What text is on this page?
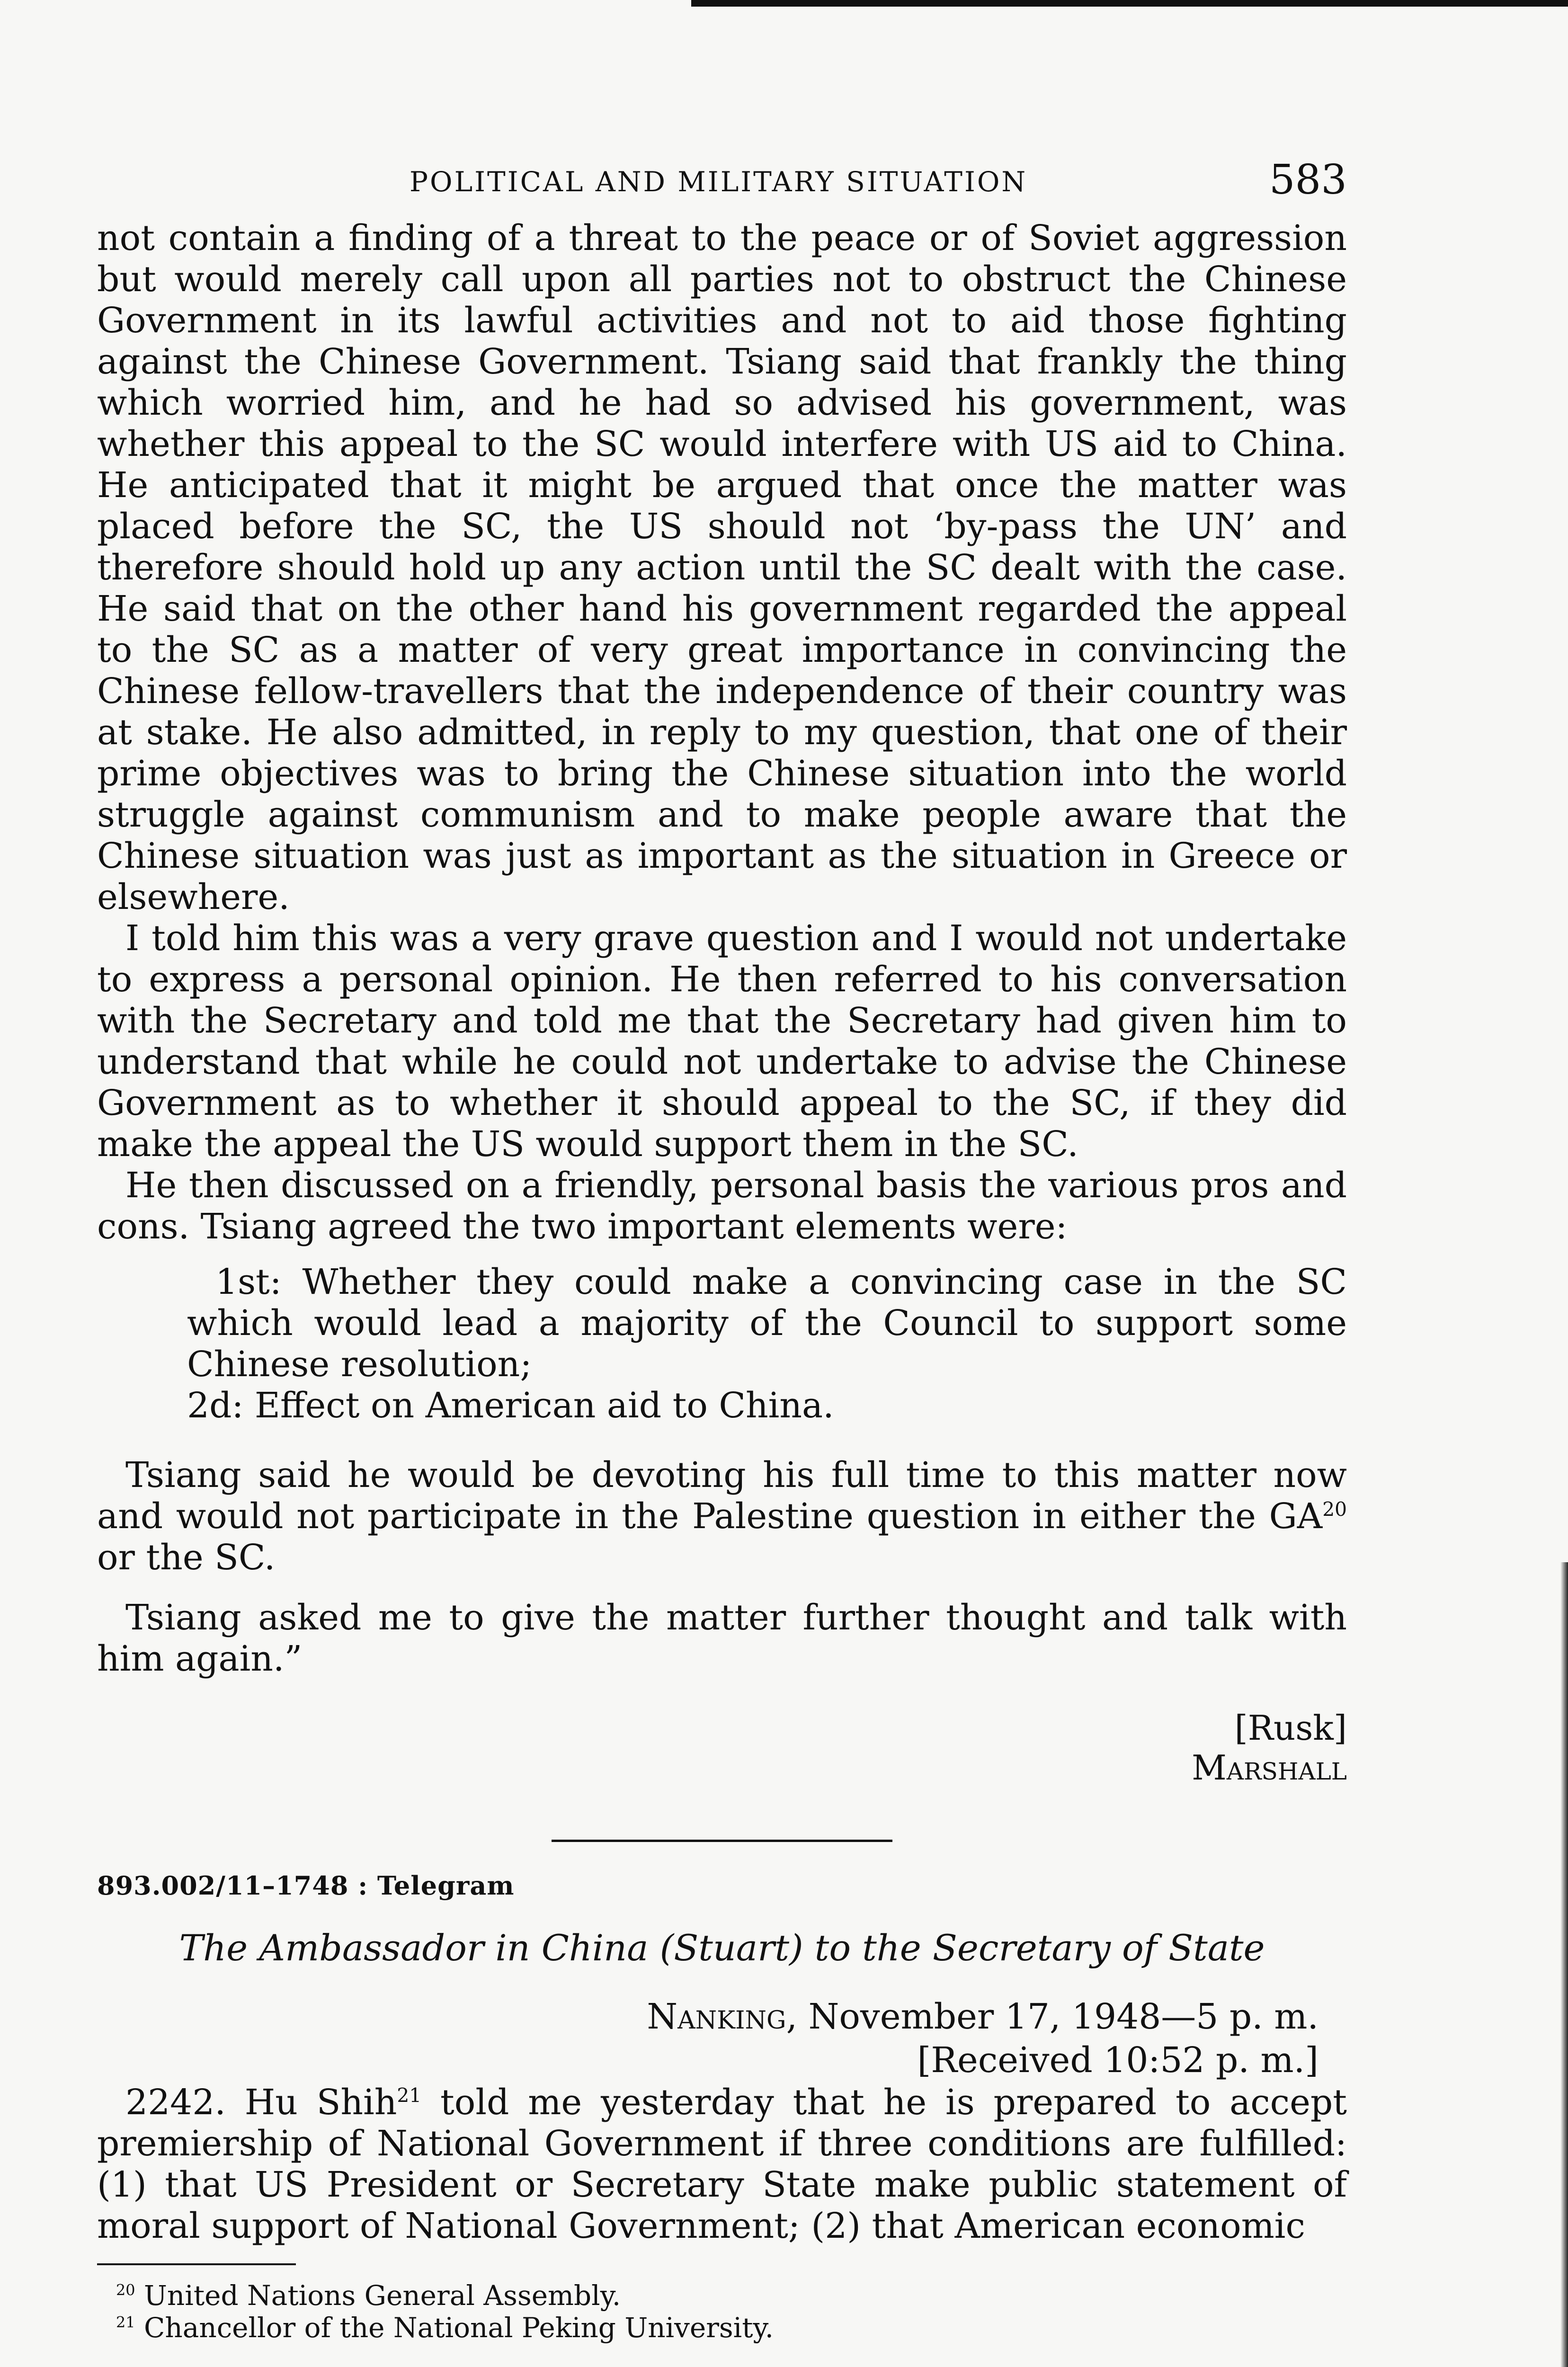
POLITICAL AND MILITARY SITUATION	583

not contain a finding of a threat to the peace or of Soviet aggression but would merely call upon all parties not to obstruct the Chinese Government in its lawful activities and not to aid those fighting against the Chinese Government. Tsiang said that frankly the thing which worried him, and he had so advised his government, was whether this appeal to the SC would interfere with US aid to China. He anticipated that it might be argued that once the matter was placed before the SC, the US should not ‘by-pass the UN’ and therefore should hold up any action until the SC dealt with the case. He said that on the other hand his government regarded the appeal to the SC as a matter of very great importance in convincing the Chinese fellow-travellers that the independence of their country was at stake. He also admitted, in reply to my question, that one of their prime objectives was to bring the Chinese situation into the world struggle against communism and to make people aware that the Chinese situation was just as important as the situation in Greece or elsewhere.

I told him this was a very grave question and I would not undertake to express a personal opinion. He then referred to his conversation with the Secretary and told me that the Secretary had given him to understand that while he could not undertake to advise the Chinese Government as to whether it should appeal to the SC, if they did make the appeal the US would support them in the SC.

He then discussed on a friendly, personal basis the various pros and cons. Tsiang agreed the two important elements were:

1st: Whether they could make a convincing case in the SC which would lead a majority of the Council to support some Chinese resolution;

2d: Effect on American aid to China.

Tsiang said he would be devoting his full time to this matter now and would not participate in the Palestine question in either the GA$^{20}$ or the SC.

Tsiang asked me to give the matter further thought and talk with him again.”

[Rusk]
Marshall
893.002/11–1748 : Telegram
The Ambassador in China (Stuart) to the Secretary of State
Nanking, November 17, 1948—5 p. m.
[Received 10:52 p. m.]

2242. Hu Shih$^{21}$ told me yesterday that he is prepared to accept premiership of National Government if three conditions are fulfilled: (1) that US President or Secretary State make public statement of moral support of National Government; (2) that American economic

$^{20}$ United Nations General Assembly.
$^{21}$ Chancellor of the National Peking University.
